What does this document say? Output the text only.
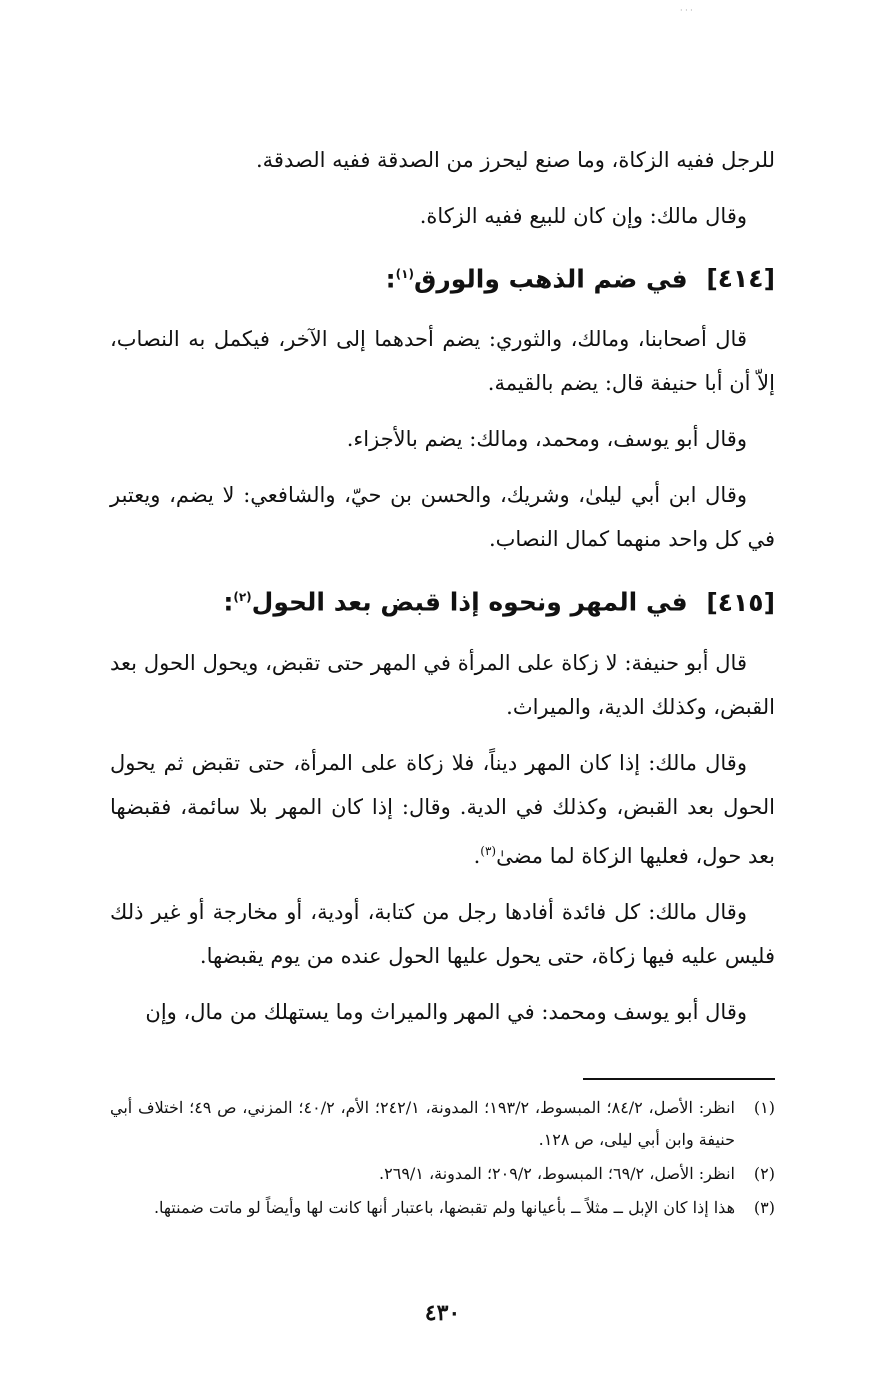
· · ·

للرجل ففيه الزكاة، وما صنع ليحرز من الصدقة ففيه الصدقة.

وقال مالك: وإن كان للبيع ففيه الزكاة.

[٤١٤] في ضم الذهب والورق$^{(١)}$:

قال أصحابنا، ومالك، والثوري: يضم أحدهما إلى الآخر، فيكمل به النصاب، إلاّ أن أبا حنيفة قال: يضم بالقيمة.

وقال أبو يوسف، ومحمد، ومالك: يضم بالأجزاء.

وقال ابن أبي ليلىٰ، وشريك، والحسن بن حيّ، والشافعي: لا يضم، ويعتبر في كل واحد منهما كمال النصاب.

[٤١٥] في المهر ونحوه إذا قبض بعد الحول$^{(٢)}$:

قال أبو حنيفة: لا زكاة على المرأة في المهر حتى تقبض، ويحول الحول بعد القبض، وكذلك الدية، والميراث.

وقال مالك: إذا كان المهر ديناً، فلا زكاة على المرأة، حتى تقبض ثم يحول الحول بعد القبض، وكذلك في الدية. وقال: إذا كان المهر بلا سائمة، فقبضها بعد حول، فعليها الزكاة لما مضىٰ$^{(٣)}$.

وقال مالك: كل فائدة أفادها رجل من كتابة، أودية، أو مخارجة أو غير ذلك فليس عليه فيها زكاة، حتى يحول عليها الحول عنده من يوم يقبضها.

وقال أبو يوسف ومحمد: في المهر والميراث وما يستهلك من مال، وإن

(١)
انظر: الأصل، ٨٤/٢؛ المبسوط، ١٩٣/٢؛ المدونة، ٢٤٢/١؛ الأم، ٤٠/٢؛ المزني، ص ٤٩؛ اختلاف أبي حنيفة وابن أبي ليلى، ص ١٢٨.
(٢)
انظر: الأصل، ٦٩/٢؛ المبسوط، ٢٠٩/٢؛ المدونة، ٢٦٩/١.
(٣)
هذا إذا كان الإبل ــ مثلاً ــ بأعيانها ولم تقبضها، باعتبار أنها كانت لها وأيضاً لو ماتت ضمنتها.
٤٣٠
